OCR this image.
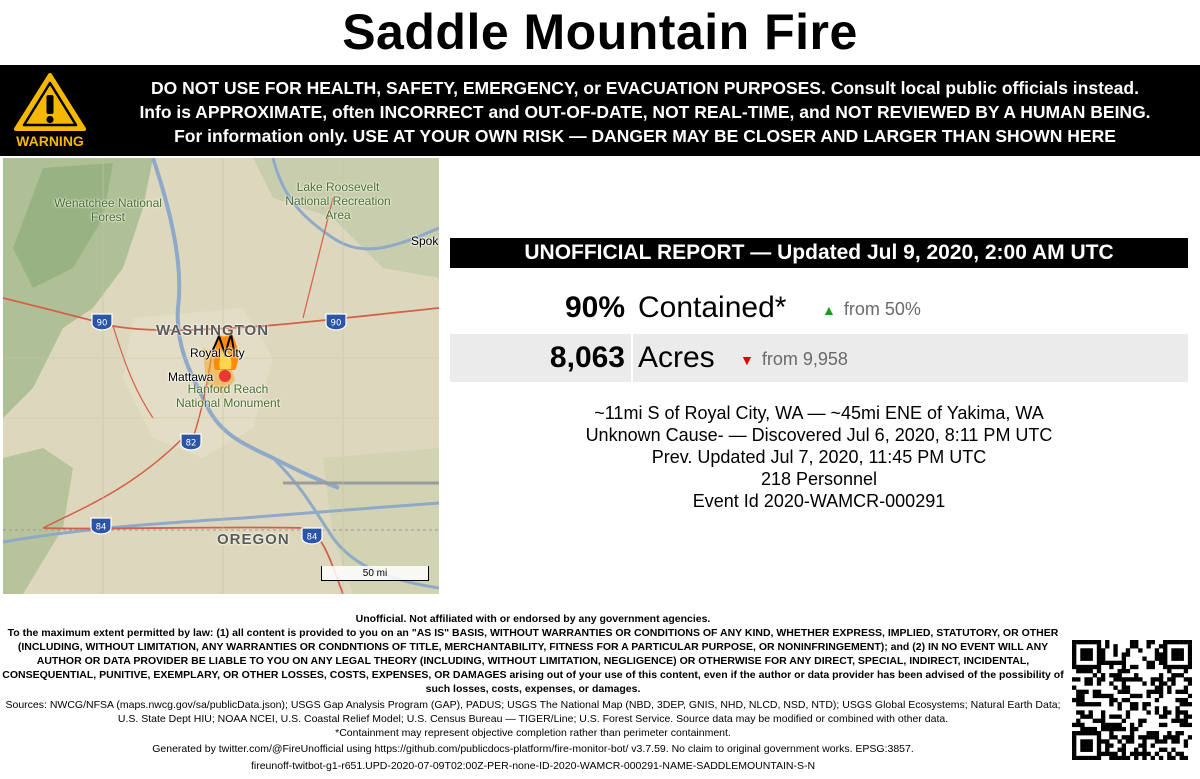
Saddle Mountain Fire
WARNING
DO NOT USE FOR HEALTH, SAFETY, EMERGENCY, or EVACUATION PURPOSES. Consult local public officials instead.
Info is APPROXIMATE, often INCORRECT and OUT-OF-DATE, NOT REAL-TIME, and NOT REVIEWED BY A HUMAN BEING.
For information only. USE AT YOUR OWN RISK — DANGER MAY BE CLOSER AND LARGER THAN SHOWN HERE
Wenatchee National Forest
Lake Roosevelt National Recreation Area
Hanford Reach National Monument
WASHINGTON
OREGON
Spok
Royal City
Mattawa
90	90
82
84
84
50 mi
UNOFFICIAL REPORT — Updated Jul 9, 2020, 2:00 AM UTC
90% Contained*	▲ from 50%
8,063 Acres ▼ from 9,958
~11mi S of Royal City, WA — ~45mi ENE of Yakima, WA
Unknown Cause- — Discovered Jul 6, 2020, 8:11 PM UTC
Prev. Updated Jul 7, 2020, 11:45 PM UTC
218 Personnel
Event Id 2020-WAMCR-000291
Unofficial. Not affiliated with or endorsed by any government agencies.
To the maximum extent permitted by law: (1) all content is provided to you on an "AS IS" BASIS, WITHOUT WARRANTIES OR CONDITIONS OF ANY KIND, WHETHER EXPRESS, IMPLIED, STATUTORY, OR OTHER (INCLUDING, WITHOUT LIMITATION, ANY WARRANTIES OR CONDNTIONS OF TITLE, MERCHANTABILITY, FITNESS FOR A PARTICULAR PURPOSE, OR NONINFRINGEMENT); and (2) IN NO EVENT WILL ANY AUTHOR OR DATA PROVIDER BE LIABLE TO YOU ON ANY LEGAL THEORY (INCLUDING, WITHOUT LIMITATION, NEGLIGENCE) OR OTHERWISE FOR ANY DIRECT, SPECIAL, INDIRECT, INCIDENTAL, CONSEQUENTIAL, PUNITIVE, EXEMPLARY, OR OTHER LOSSES, COSTS, EXPENSES, OR DAMAGES arising out of your use of this content, even if the author or data provider has been advised of the possibility of such losses, costs, expenses, or damages.
Sources: NWCG/NFSA (maps.nwcg.gov/sa/publicData.json); USGS Gap Analysis Program (GAP), PADUS; USGS The National Map (NBD, 3DEP, GNIS, NHD, NLCD, NSD, NTD); USGS Global Ecosystems; Natural Earth Data; U.S. State Dept HIU; NOAA NCEI, U.S. Coastal Relief Model; U.S. Census Bureau — TIGER/Line; U.S. Forest Service. Source data may be modified or combined with other data.
*Containment may represent objective completion rather than perimeter containment.
Generated by twitter.com/@FireUnofficial using https://github.com/publicdocs-platform/fire-monitor-bot/ v3.7.59. No claim to original government works. EPSG:3857.
fireunoff-twitbot-g1-r651.UPD-2020-07-09T02:00Z-PER-none-ID-2020-WAMCR-000291-NAME-SADDLEMOUNTAIN-S-N
